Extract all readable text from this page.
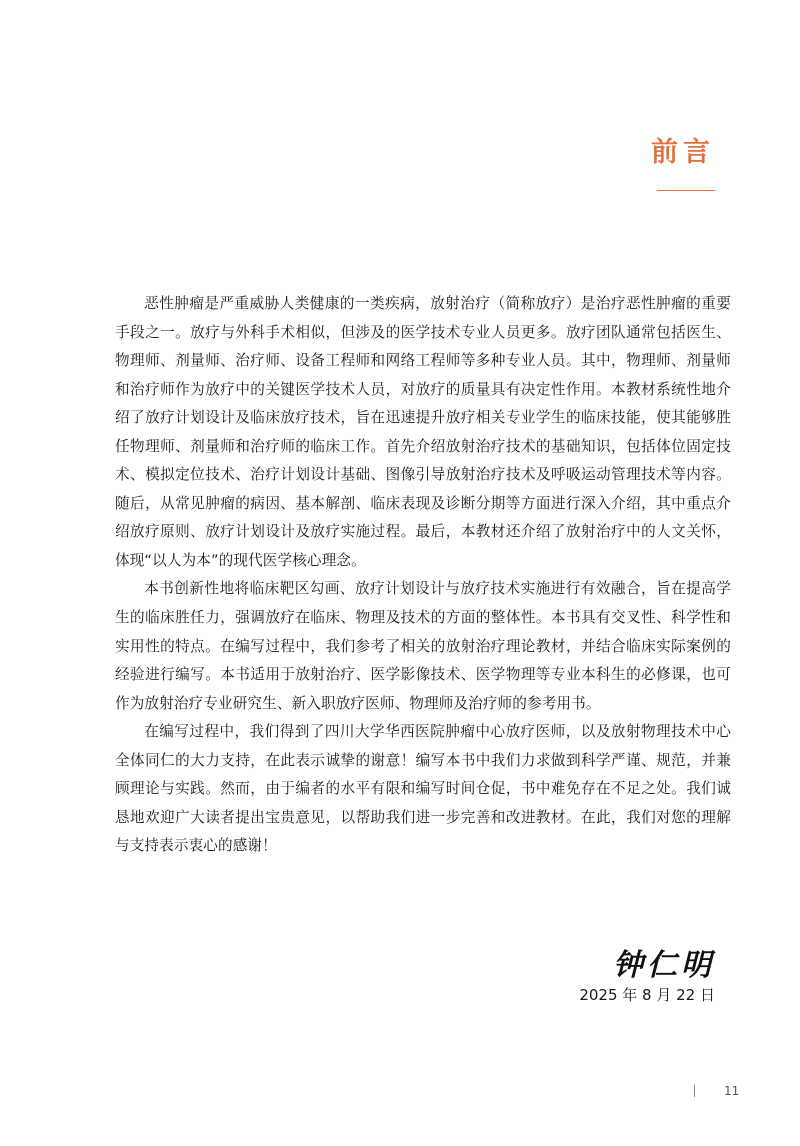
前言

恶性肿瘤是严重威胁人类健康的一类疾病，放射治疗（简称放疗）是治疗恶性肿瘤的重要手段之一。放疗与外科手术相似，但涉及的医学技术专业人员更多。放疗团队通常包括医生、物理师、剂量师、治疗师、设备工程师和网络工程师等多种专业人员。其中，物理师、剂量师和治疗师作为放疗中的关键医学技术人员，对放疗的质量具有决定性作用。本教材系统性地介绍了放疗计划设计及临床放疗技术，旨在迅速提升放疗相关专业学生的临床技能，使其能够胜任物理师、剂量师和治疗师的临床工作。首先介绍放射治疗技术的基础知识，包括体位固定技术、模拟定位技术、治疗计划设计基础、图像引导放射治疗技术及呼吸运动管理技术等内容。随后，从常见肿瘤的病因、基本解剖、临床表现及诊断分期等方面进行深入介绍，其中重点介绍放疗原则、放疗计划设计及放疗实施过程。最后，本教材还介绍了放射治疗中的人文关怀，体现“以人为本”的现代医学核心理念。

本书创新性地将临床靶区勾画、放疗计划设计与放疗技术实施进行有效融合，旨在提高学生的临床胜任力，强调放疗在临床、物理及技术的方面的整体性。本书具有交叉性、科学性和实用性的特点。在编写过程中，我们参考了相关的放射治疗理论教材，并结合临床实际案例的经验进行编写。本书适用于放射治疗、医学影像技术、医学物理等专业本科生的必修课，也可作为放射治疗专业研究生、新入职放疗医师、物理师及治疗师的参考用书。

在编写过程中，我们得到了四川大学华西医院肿瘤中心放疗医师，以及放射物理技术中心全体同仁的大力支持，在此表示诚挚的谢意！编写本书中我们力求做到科学严谨、规范，并兼顾理论与实践。然而，由于编者的水平有限和编写时间仓促，书中难免存在不足之处。我们诚恳地欢迎广大读者提出宝贵意见，以帮助我们进一步完善和改进教材。在此，我们对您的理解与支持表示衷心的感谢！

钟仁明
2025 年 8 月 22 日
11
